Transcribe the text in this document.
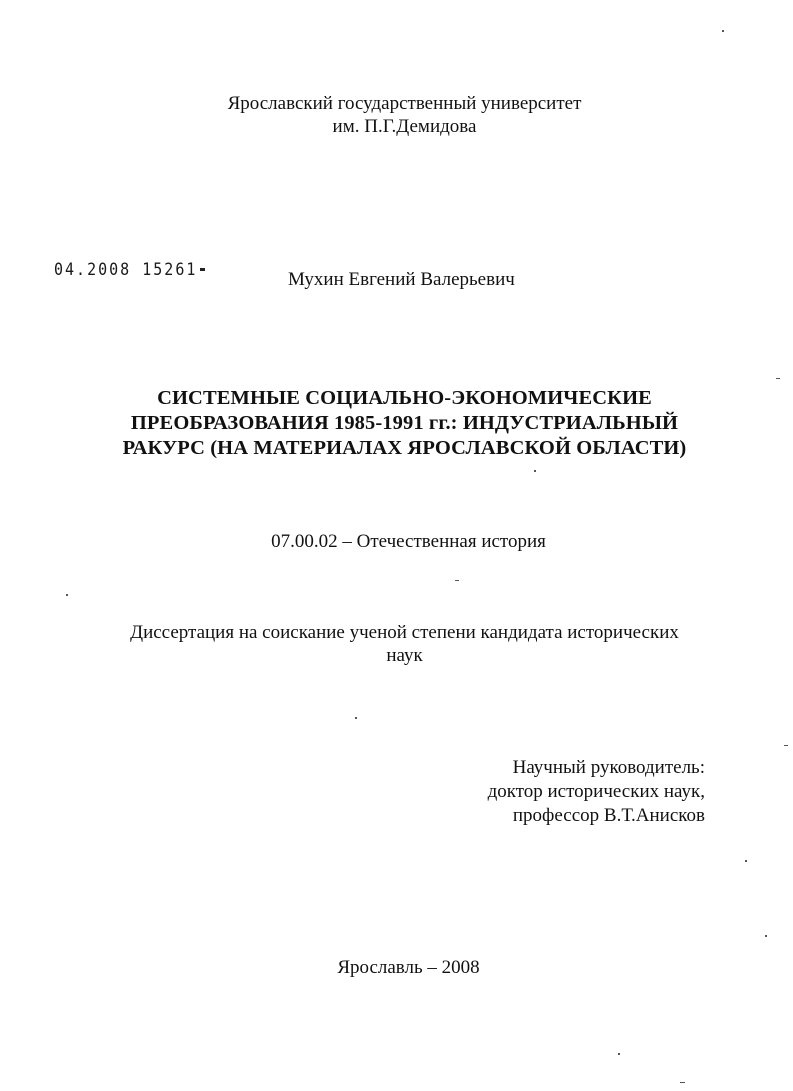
Ярославский государственный университет
им. П.Г.Демидова
04.2008 15261	Мухин Евгений Валерьевич
СИСТЕМНЫЕ СОЦИАЛЬНО-ЭКОНОМИЧЕСКИЕ
ПРЕОБРАЗОВАНИЯ 1985-1991 гг.: ИНДУСТРИАЛЬНЫЙ
РАКУРС (НА МАТЕРИАЛАХ ЯРОСЛАВСКОЙ ОБЛАСТИ)
07.00.02 – Отечественная история
Диссертация на соискание ученой степени кандидата исторических
наук
Научный руководитель:
доктор исторических наук,
профессор В.Т.Анисков
Ярославль – 2008
